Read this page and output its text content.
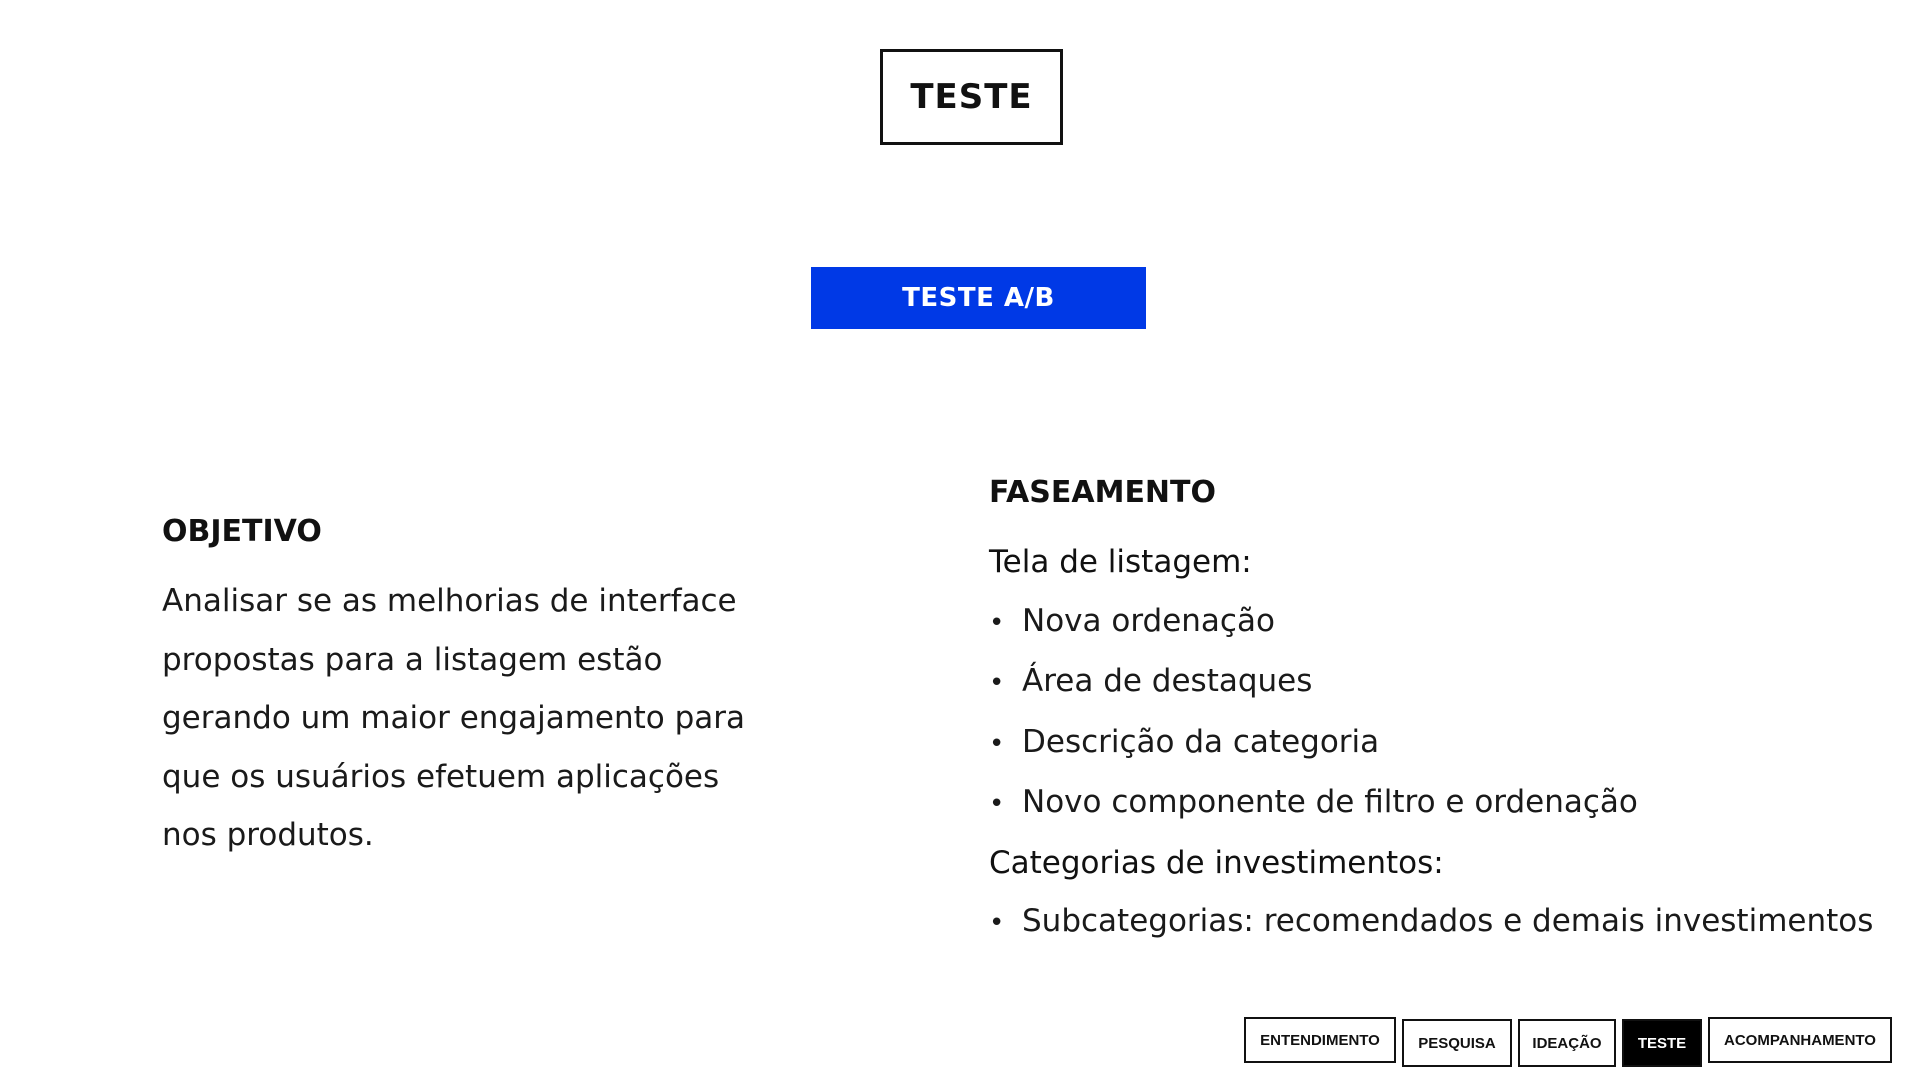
TESTE
TESTE A/B
OBJETIVO

Analisar se as melhorias de interface propostas para a listagem estão gerando um maior engajamento para que os usuários efetuem aplicações nos produtos.

FASEAMENTO

Tela de listagem:

• Nova ordenação
• Área de destaques
• Descrição da categoria
• Novo componente de filtro e ordenação

Categorias de investimentos:

• Subcategorias: recomendados e demais investimentos
ENTENDIMENTO	PESQUISA IDEAÇÃO TESTE	ACOMPANHAMENTO
